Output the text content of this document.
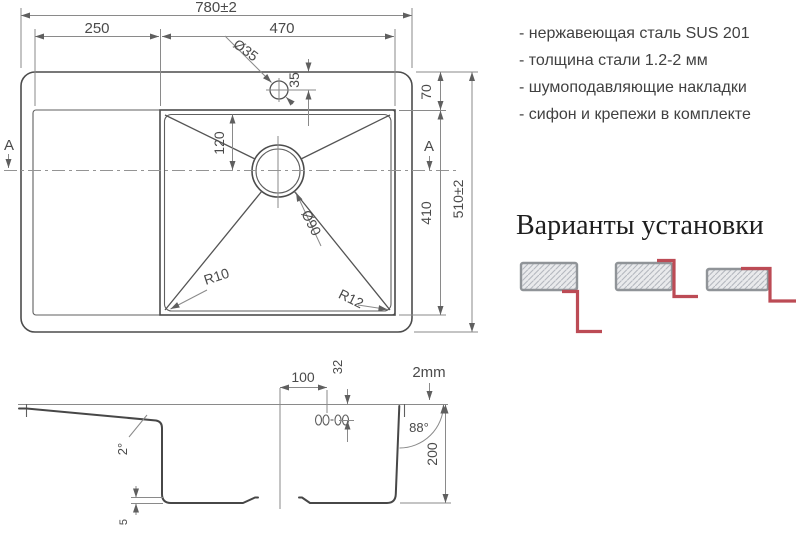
780±2
250	470
Ø35
35
70
410 510±2
120
Ø90
R10
R12
A	A
2mm
88°
200
100
32
2°
5
- нержавеющая сталь SUS 201
- толщина стали 1.2-2 мм
- шумоподавляющие накладки
- сифон и крепежи в комплекте
Варианты установки
